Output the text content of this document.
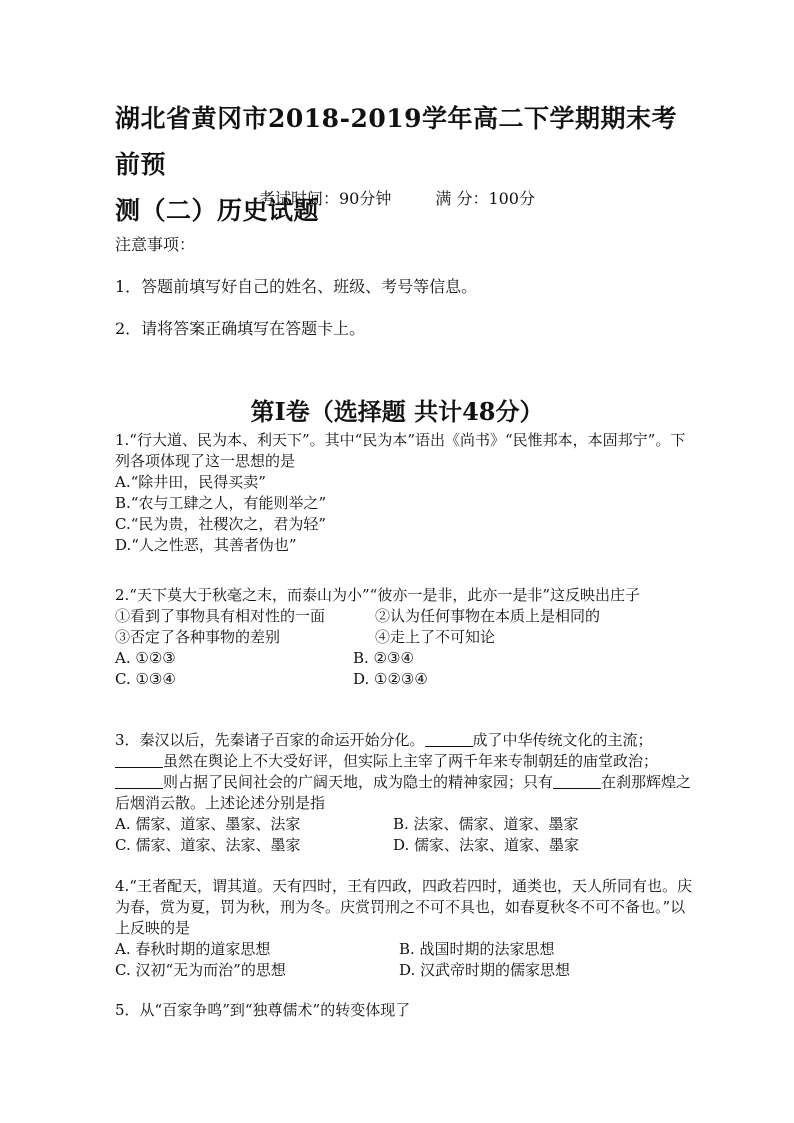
湖北省黄冈市2018-2019学年高二下学期期末考前预
测（二）历史试题
考试时间：90分钟	满 分：100分
注意事项：
1．答题前填写好自己的姓名、班级、考号等信息。
2．请将答案正确填写在答题卡上。
第I卷（选择题 共计48分）

1.“行大道、民为本、利天下”。其中“民为本”语出《尚书》“民惟邦本，本固邦宁”。下列各项体现了这一思想的是

A.“除井田，民得买卖”

B.“农与工肆之人，有能则举之”

C.“民为贵，社稷次之，君为轻”

D.“人之性恶，其善者伪也”

2.“天下莫大于秋毫之末，而泰山为小”“彼亦一是非，此亦一是非”这反映出庄子

①看到了事物具有相对性的一面	②认为任何事物在本质上是相同的
③否定了各种事物的差别	④走上了不可知论
A. ①②③	B. ②③④
C. ①③④	D. ①②③④

3．秦汉以后，先秦诸子百家的命运开始分化。	成了中华传统文化的主流；虽然在舆论上不大受好评，但实际上主宰了两千年来专制朝廷的庙堂政治；则占据了民间社会的广阔天地，成为隐士的精神家园；只有	在刹那辉煌之后烟消云散。上述论述分别是指

A. 儒家、道家、墨家、法家	B. 法家、儒家、道家、墨家
C. 儒家、道家、法家、墨家	D. 儒家、法家、道家、墨家

4.“王者配天，谓其道。天有四时，王有四政，四政若四时，通类也，天人所同有也。庆为春，赏为夏，罚为秋，刑为冬。庆赏罚刑之不可不具也，如春夏秋冬不可不备也。”以上反映的是

A. 春秋时期的道家思想	B. 战国时期的法家思想
C. 汉初“无为而治”的思想	D. 汉武帝时期的儒家思想

5．从“百家争鸣”到“独尊儒术”的转变体现了
